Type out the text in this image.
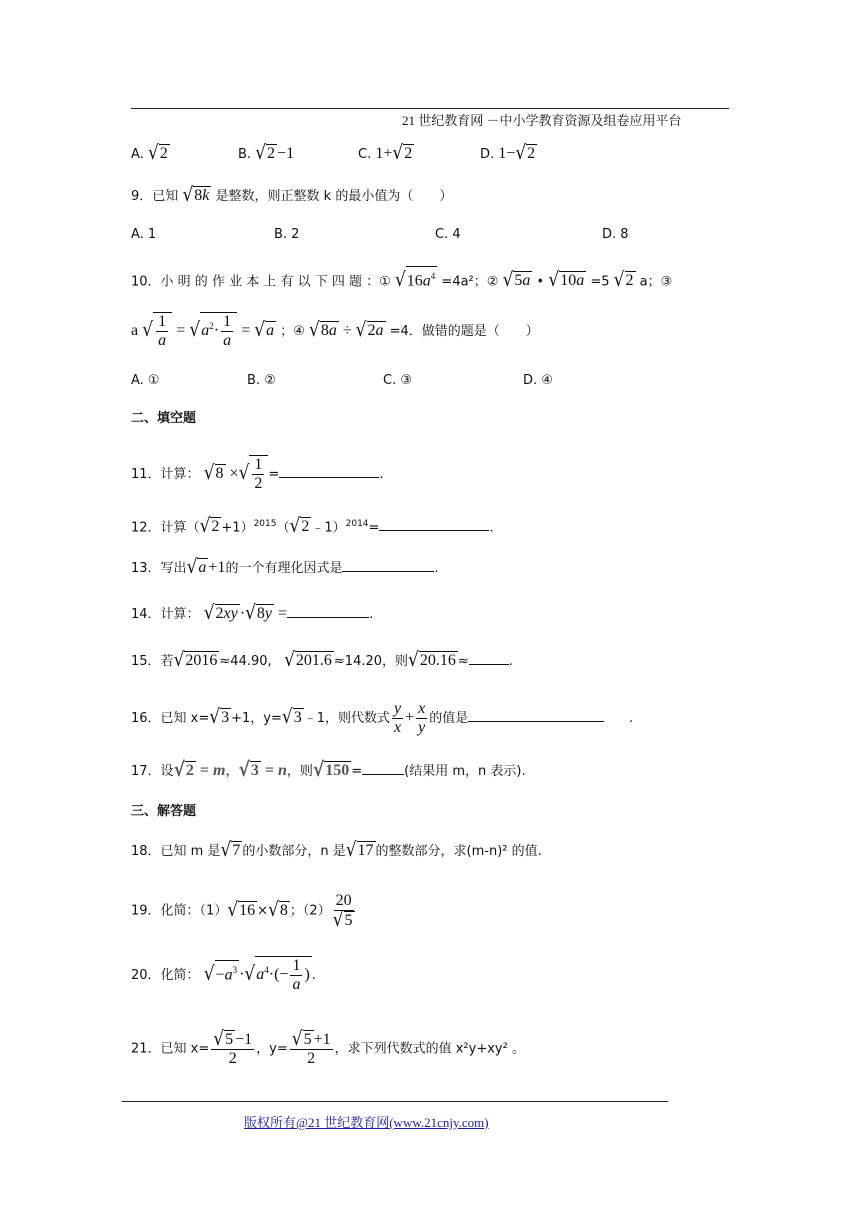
21 世纪教育网 －中小学教育资源及组卷应用平台
A. √2	B. √2 −1	C. 1+√2	D. 1−√2
9．已知 √8k 是整数，则正整数 k 的最小值为（　　）
A. 1	B. 2	C. 4	D. 8
10．小 明 的 作 业 本 上 有 以 下 四 题 ：① $√16a^4 =4a^2$；② √5a • √10a =5 √2 a；③
a √ $\frac{1}{a} = √a^2\cdot \frac{1}{a} = √a$ ；④ √8a ÷ √2a =4．做错的题是（　　）
A. ①	B. ②	C. ③	D. ④
二、填空题
11．计算： √8 ×√ $\frac{1}{2}$ =	.
12．计算$(√2 +1)^{2015}(√2$ ﹣1）$^{2014}$=	.
13．写出√a +1的一个有理化因式是	.
14．计算： √2xy ·√8y =	.
15．若√2016 ≈44.90, √201.6 ≈14.20，则√20.16 ≈	.
16．已知 x=√3 +1，y=√3 ﹣1，则代数式 $\frac{y}{x} + \frac{x}{y}$ 的值是	.
17．设√2 = m，√3 = n，则√150 =	(结果用 m，n 表示).
三、解答题
18．已知 m 是√7 的小数部分，n 是√17 的整数部分，求(m-n)² 的值.
19．化简：（1）√16 ×√8 ；$(2) \frac{20}{√5}$
20．化简： $√-a^3 \cdot√a^4\cdot(- \frac{1}{a}$ ) .
21．已知 $x= \frac{√5 -1}{2}$ ，$y= \frac{√5 +1}{2}$ ，求下列代数式的值 x²y+xy² 。
版权所有@21 世纪教育网(www.21cnjy.com)
